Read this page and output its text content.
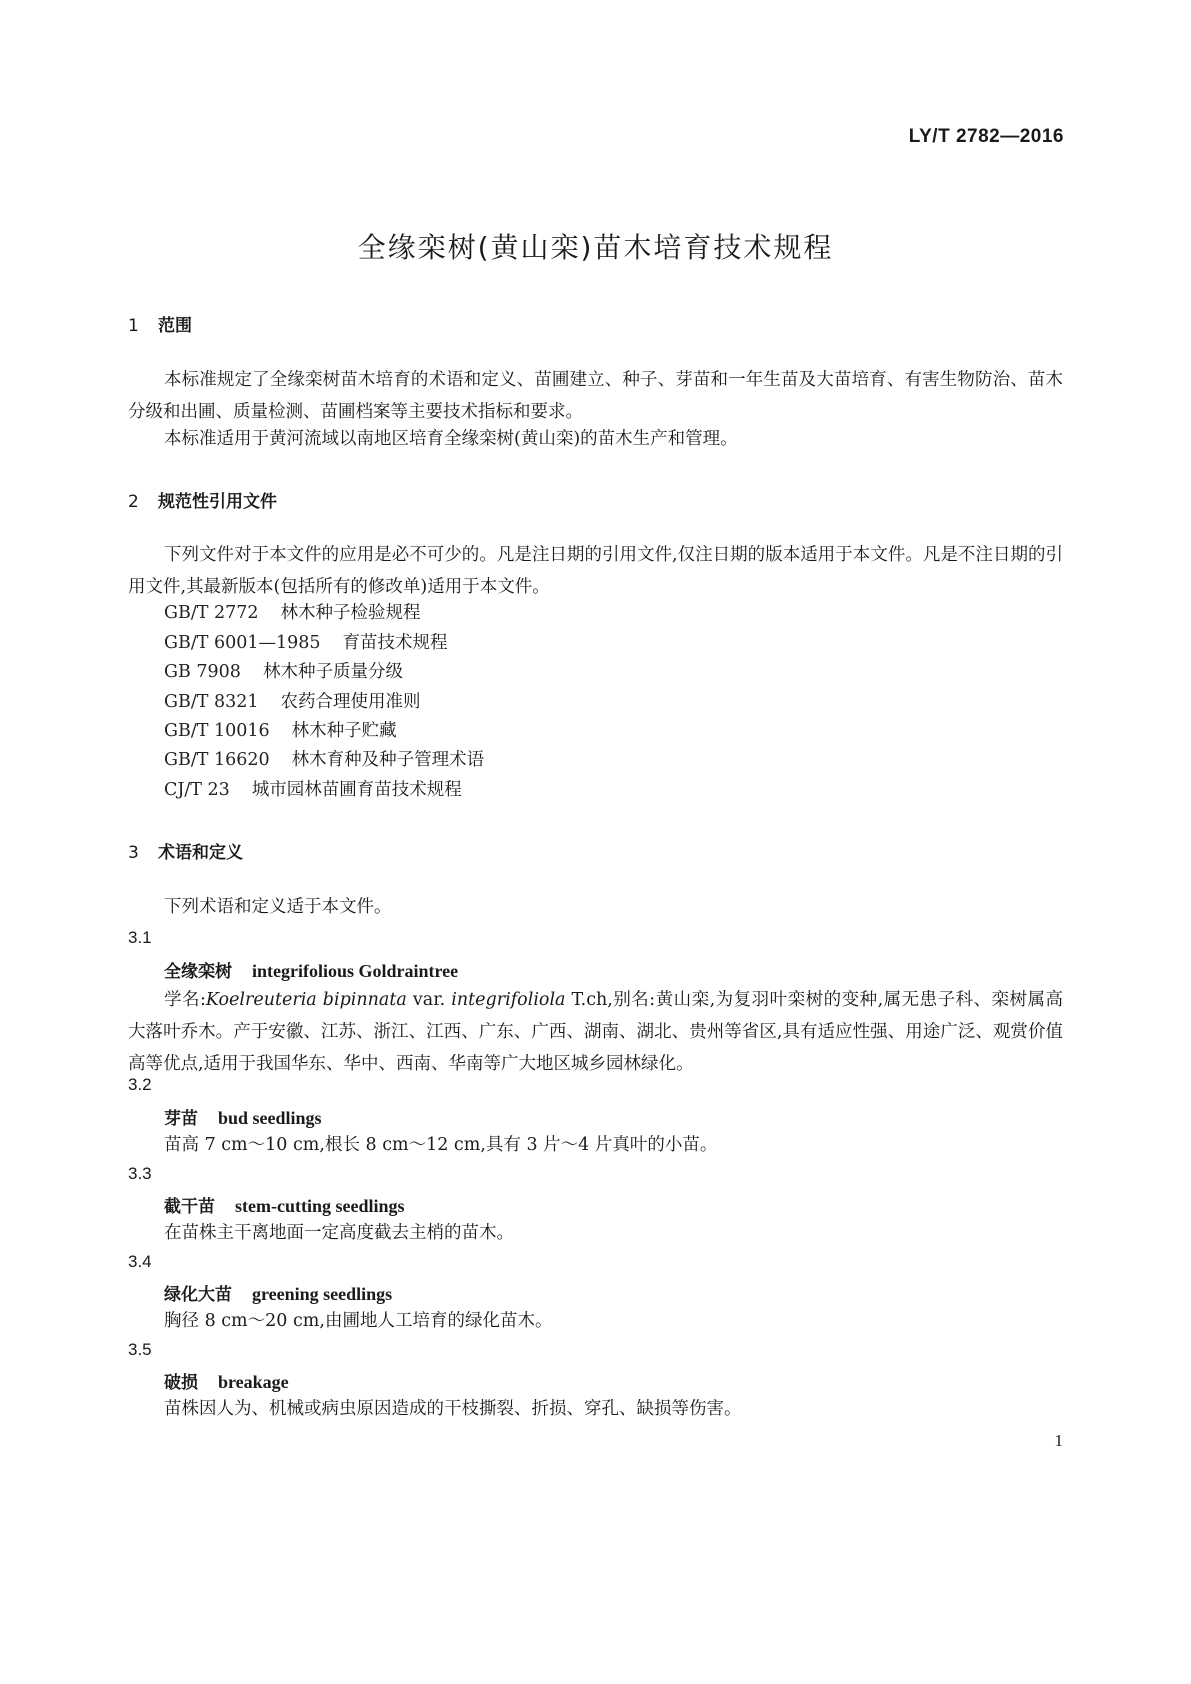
LY/T 2782—2016
全缘栾树(黄山栾)苗木培育技术规程
1 范围

本标准规定了全缘栾树苗木培育的术语和定义、苗圃建立、种子、芽苗和一年生苗及大苗培育、有害生物防治、苗木分级和出圃、质量检测、苗圃档案等主要技术指标和要求。

本标准适用于黄河流域以南地区培育全缘栾树(黄山栾)的苗木生产和管理。

2 规范性引用文件

下列文件对于本文件的应用是必不可少的。凡是注日期的引用文件,仅注日期的版本适用于本文件。凡是不注日期的引用文件,其最新版本(包括所有的修改单)适用于本文件。

GB/T 2772 林木种子检验规程
GB/T 6001—1985 育苗技术规程
GB 7908 林木种子质量分级
GB/T 8321 农药合理使用准则
GB/T 10016 林木种子贮藏
GB/T 16620 林木育种及种子管理术语
CJ/T 23 城市园林苗圃育苗技术规程
3 术语和定义

下列术语和定义适于本文件。

3.1
全缘栾树 integrifolious Goldraintree

学名:Koelreuteria bipinnata var. integrifoliola T.ch,别名:黄山栾,为复羽叶栾树的变种,属无患子科、栾树属高大落叶乔木。产于安徽、江苏、浙江、江西、广东、广西、湖南、湖北、贵州等省区,具有适应性强、用途广泛、观赏价值高等优点,适用于我国华东、华中、西南、华南等广大地区城乡园林绿化。

3.2
芽苗 bud seedlings
苗高 7 cm～10 cm,根长 8 cm～12 cm,具有 3 片～4 片真叶的小苗。
3.3
截干苗 stem-cutting seedlings
在苗株主干离地面一定高度截去主梢的苗木。
3.4
绿化大苗 greening seedlings
胸径 8 cm～20 cm,由圃地人工培育的绿化苗木。
3.5
破损 breakage
苗株因人为、机械或病虫原因造成的干枝撕裂、折损、穿孔、缺损等伤害。
1
